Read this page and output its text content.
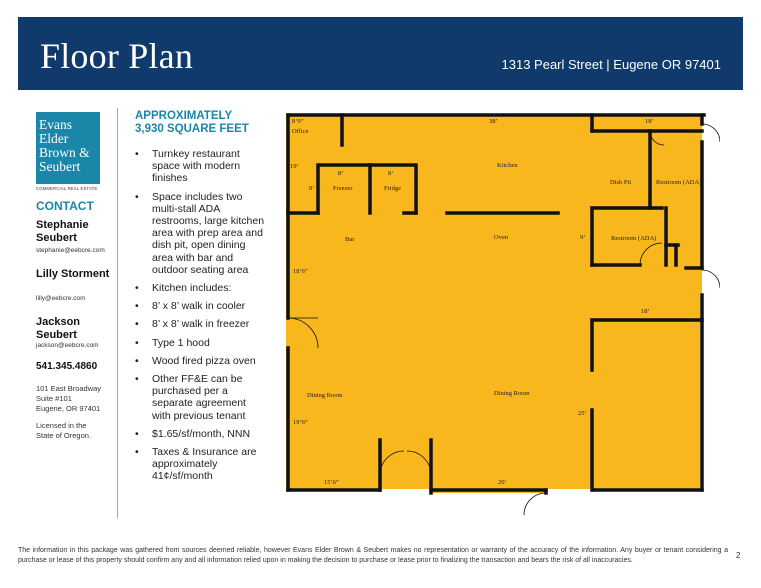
Floor Plan	1313 Pearl Street | Eugene OR 97401
Evans
Elder
Brown &
Seubert
COMMERCIAL REAL ESTATE
CONTACT
Stephanie Seubert
stephanie@eebcre.com
Lilly Storment
lilly@eebcre.com
Jackson Seubert
jackson@eebcre.com
541.345.4860
101 East Broadway
Suite #101
Eugene, OR 97401
Licensed in the
State of Oregon.
APPROXIMATELY
3,930 SQUARE FEET
• Turnkey restaurant space with modern finishes
• Space includes two multi-stall ADA restrooms, large kitchen area with prep area and dish pit, open dining area with bar and outdoor seating area
• Kitchen includes:
• 8’ x 8’ walk in cooler
• 8’ x 8’ walk in freezer
• Type 1 hood
• Wood fired pizza oven
• Other FF&E can be purchased per a separate agreement with previous tenant
• $1.65/sf/month, NNN
• Taxes & Insurance are approximately 41¢/sf/month
Office
Kitchen
Freezer	Fridge
Dish Pit	Restroom (ADA)
Restroom (ADA)
Bar	Oven
Dining Room	Dining Room
8’9”	38’	18’
19’
8’	8’
8’
9’
18’6”
18’
25’
19’6”
15’6”	20’
The information in this package was gathered from sources deemed reliable, however Evans Elder Brown & Seubert makes no representation or warranty of the accuracy of the information. Any buyer or tenant considering a purchase or lease of this property should confirm any and all information relied upon in making the decision to purchase or lease prior to finalizing the transaction and bears the risk of all inaccuracies.	2
